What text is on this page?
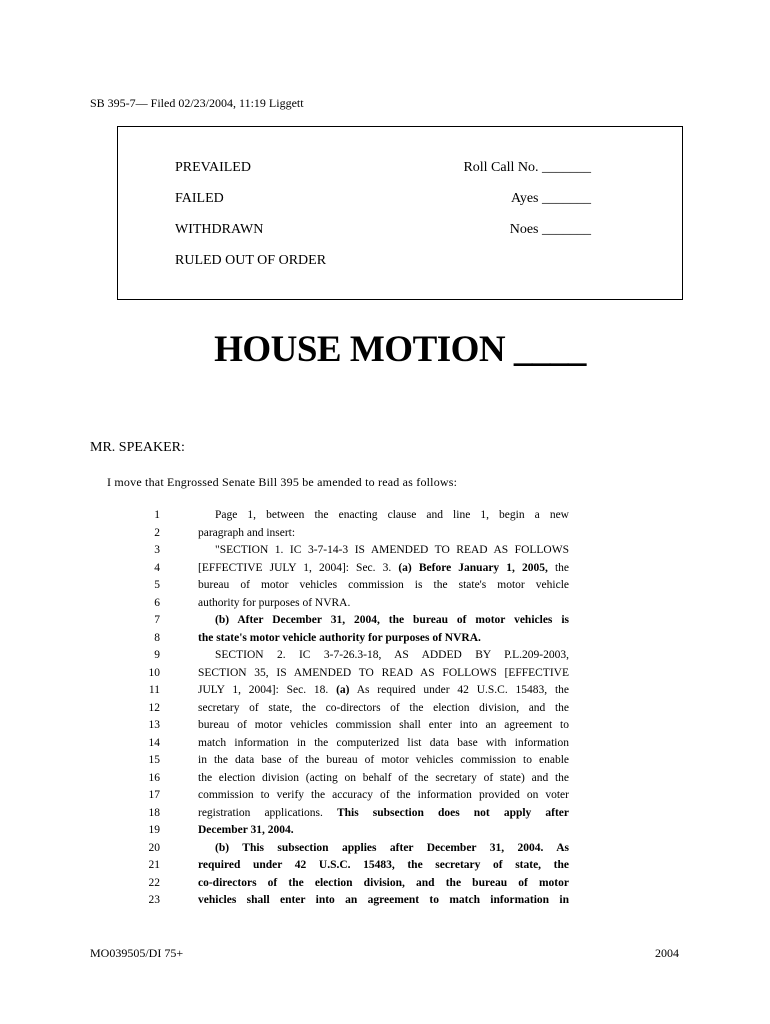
SB 395-7— Filed 02/23/2004, 11:19 Liggett
PREVAILED
FAILED
WITHDRAWN
RULED OUT OF ORDER
Roll Call No. _______
Ayes _______
Noes _______
HOUSE MOTION ____
MR. SPEAKER:
I move that Engrossed Senate Bill 395 be amended to read as follows:
1	Page 1, between the enacting clause and line 1, begin a new
2	paragraph and insert:
3	"SECTION 1. IC 3-7-14-3 IS AMENDED TO READ AS FOLLOWS
4	[EFFECTIVE JULY 1, 2004]: Sec. 3. (a) Before January 1, 2005, the
5	bureau of motor vehicles commission is the state's motor vehicle
6	authority for purposes of NVRA.
7	(b) After December 31, 2004, the bureau of motor vehicles is
8	the state's motor vehicle authority for purposes of NVRA.
9	SECTION 2. IC 3-7-26.3-18, AS ADDED BY P.L.209-2003,
10	SECTION 35, IS AMENDED TO READ AS FOLLOWS [EFFECTIVE
11	JULY 1, 2004]: Sec. 18. (a) As required under 42 U.S.C. 15483, the
12	secretary of state, the co-directors of the election division, and the
13	bureau of motor vehicles commission shall enter into an agreement to
14	match information in the computerized list data base with information
15	in the data base of the bureau of motor vehicles commission to enable
16	the election division (acting on behalf of the secretary of state) and the
17	commission to verify the accuracy of the information provided on voter
18	registration applications. This subsection does not apply after
19	December 31, 2004.
20	(b) This subsection applies after December 31, 2004. As
21	required under 42 U.S.C. 15483, the secretary of state, the
22	co-directors of the election division, and the bureau of motor
23	vehicles shall enter into an agreement to match information in
MO039505/DI 75+	2004
